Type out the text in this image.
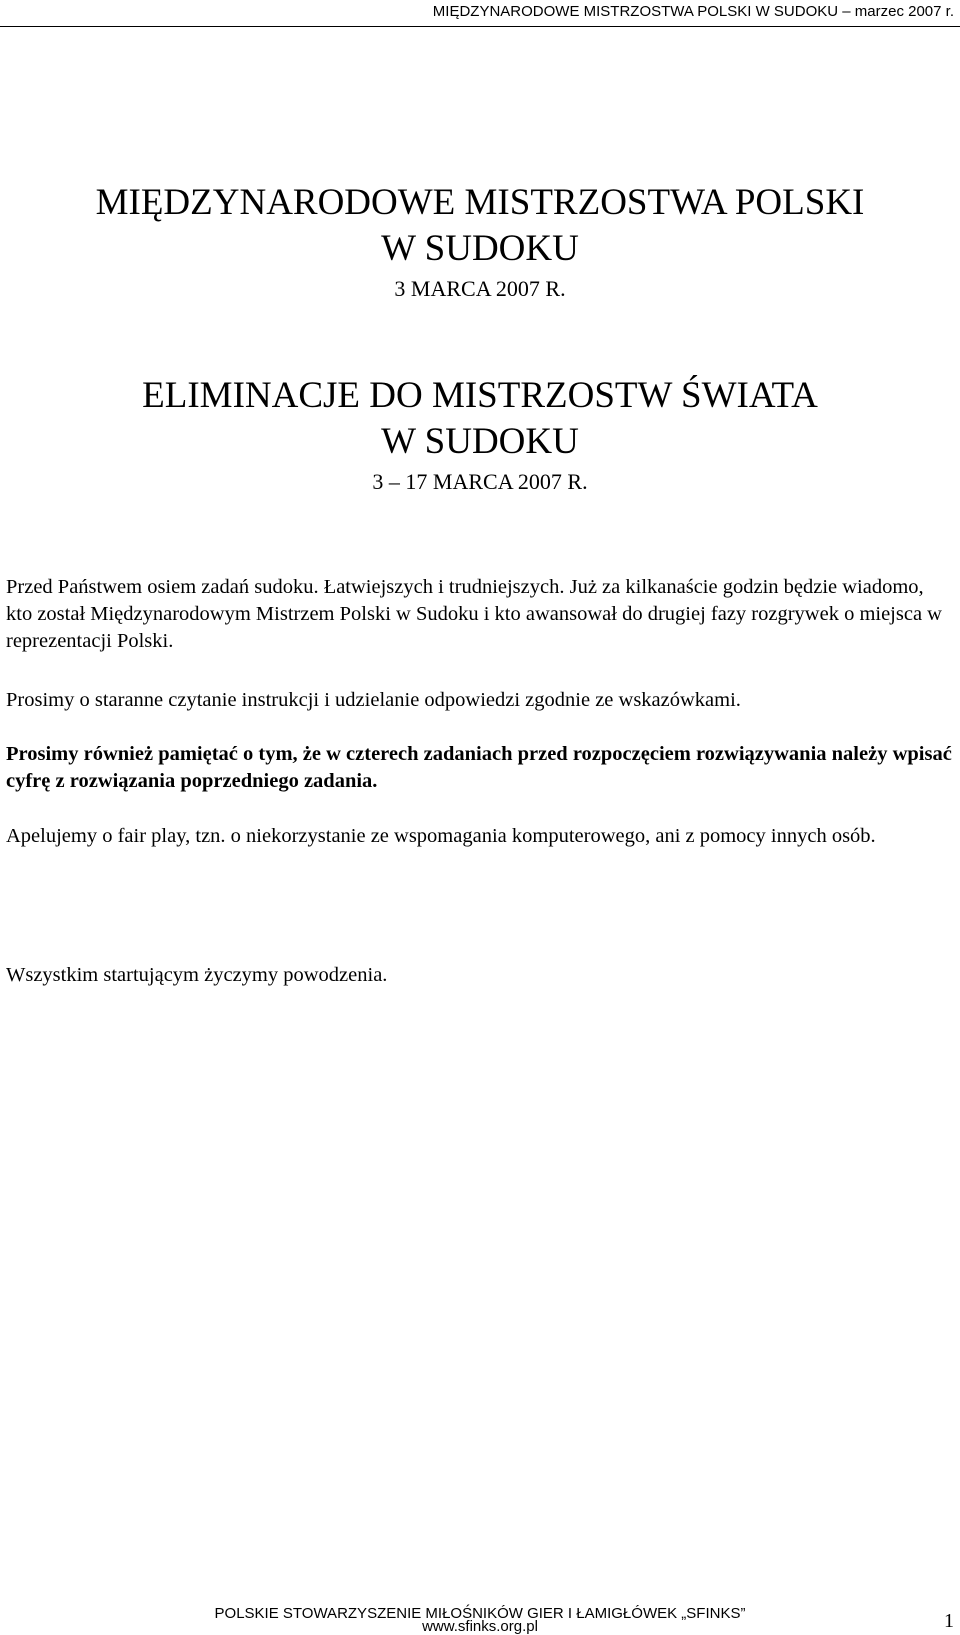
MIĘDZYNARODOWE MISTRZOSTWA POLSKI W SUDOKU – marzec 2007 r.

MIĘDZYNARODOWE MISTRZOSTWA POLSKI

W SUDOKU

3 MARCA 2007 R.

ELIMINACJE DO MISTRZOSTW ŚWIATA

W SUDOKU

3 – 17 MARCA 2007 R.

Przed Państwem osiem zadań sudoku. Łatwiejszych i trudniejszych. Już za kilkanaście godzin będzie wiadomo, kto został Międzynarodowym Mistrzem Polski w Sudoku i kto awansował do drugiej fazy rozgrywek o miejsca w reprezentacji Polski.

Prosimy o staranne czytanie instrukcji i udzielanie odpowiedzi zgodnie ze wskazówkami.

Prosimy również pamiętać o tym, że w czterech zadaniach przed rozpoczęciem rozwiązywania należy wpisać cyfrę z rozwiązania poprzedniego zadania.

Apelujemy o fair play, tzn. o niekorzystanie ze wspomagania komputerowego, ani z pomocy innych osób.

Wszystkim startującym życzymy powodzenia.

POLSKIE STOWARZYSZENIE MIŁOŚNIKÓW GIER I ŁAMIGŁÓWEK „SFINKS”
www.sfinks.org.pl	1
